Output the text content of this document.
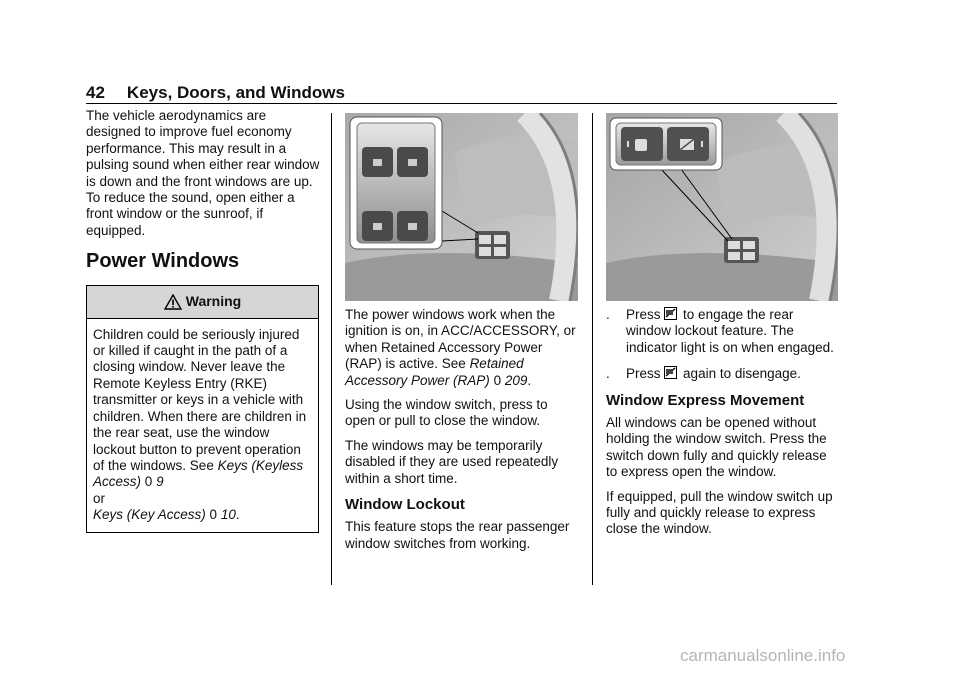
42 Keys, Doors, and Windows

The vehicle aerodynamics are designed to improve fuel economy performance. This may result in a pulsing sound when either rear window is down and the front windows are up. To reduce the sound, open either a front window or the sunroof, if equipped.

Power Windows
Warning

Children could be seriously injured or killed if caught in the path of a closing window. Never leave the Remote Keyless Entry (RKE) transmitter or keys in a vehicle with children. When there are children in the rear seat, use the window lockout button to prevent operation of the windows. See Keys (Keyless Access) 0 9
or
Keys (Key Access) 0 10.

The power windows work when the ignition is on, in ACC/ACCESSORY, or when Retained Accessory Power (RAP) is active. See Retained Accessory Power (RAP) 0 209.

Using the window switch, press to open or pull to close the window.

The windows may be temporarily disabled if they are used repeatedly within a short time.

Window Lockout

This feature stops the rear passenger window switches from working.

.	Press to engage the rear window lockout feature. The indicator light is on when engaged.
.	Press again to disengage.
Window Express Movement

All windows can be opened without holding the window switch. Press the switch down fully and quickly release to express open the window.

If equipped, pull the window switch up fully and quickly release to express close the window.

carmanualsonline.info
